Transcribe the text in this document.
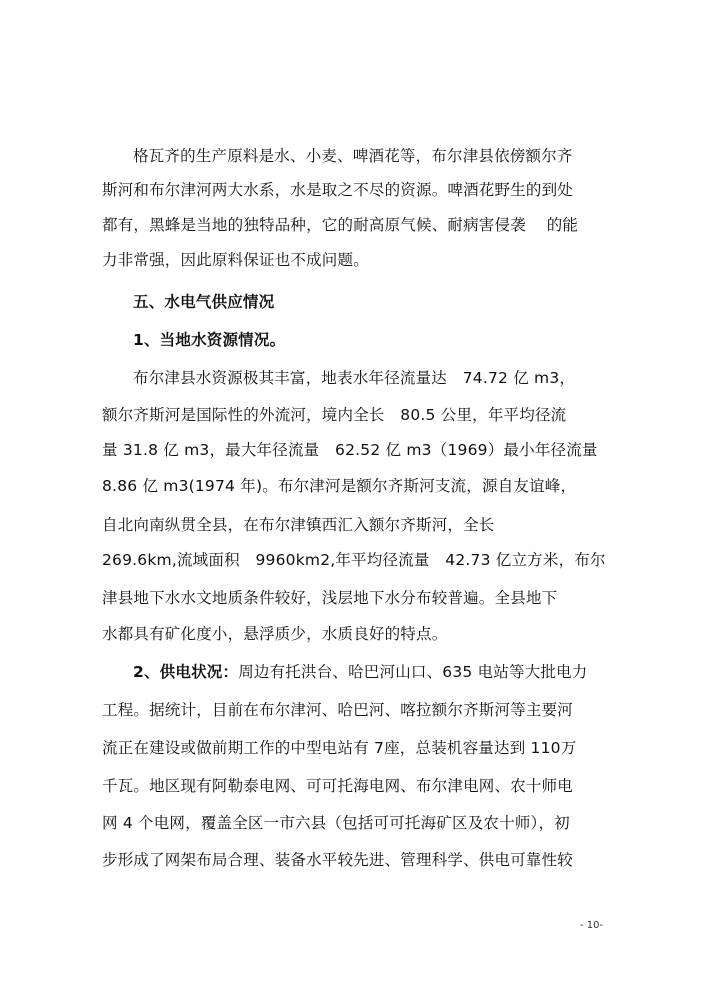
格瓦齐的生产原料是水、小麦、啤酒花等，布尔津县依傍额尔齐
斯河和布尔津河两大水系，水是取之不尽的资源。啤酒花野生的到处
都有，黑蜂是当地的独特品种，它的耐高原气候、耐病害侵袭　 的能
力非常强，因此原料保证也不成问题。
五、水电气供应情况
1、当地水资源情况。
布尔津县水资源极其丰富，地表水年径流量达　74.72 亿 m3，
额尔齐斯河是国际性的外流河，境内全长　80.5 公里，年平均径流
量 31.8 亿 m3，最大年径流量　62.52 亿 m3（1969）最小年径流量
8.86 亿 m3(1974 年)。布尔津河是额尔齐斯河支流，源自友谊峰，
自北向南纵贯全县，在布尔津镇西汇入额尔齐斯河，全长
269.6km,流域面积　9960km2,年平均径流量　42.73 亿立方米，布尔
津县地下水水文地质条件较好，浅层地下水分布较普遍。全县地下
水都具有矿化度小，悬浮质少，水质良好的特点。
2、供电状况：周边有托洪台、哈巴河山口、635 电站等大批电力
工程。据统计，目前在布尔津河、哈巴河、喀拉额尔齐斯河等主要河
流正在建设或做前期工作的中型电站有 7座，总装机容量达到 110万
千瓦。地区现有阿勒泰电网、可可托海电网、布尔津电网、农十师电
网 4 个电网，覆盖全区一市六县（包括可可托海矿区及农十师），初
步形成了网架布局合理、装备水平较先进、管理科学、供电可靠性较
- 10-
